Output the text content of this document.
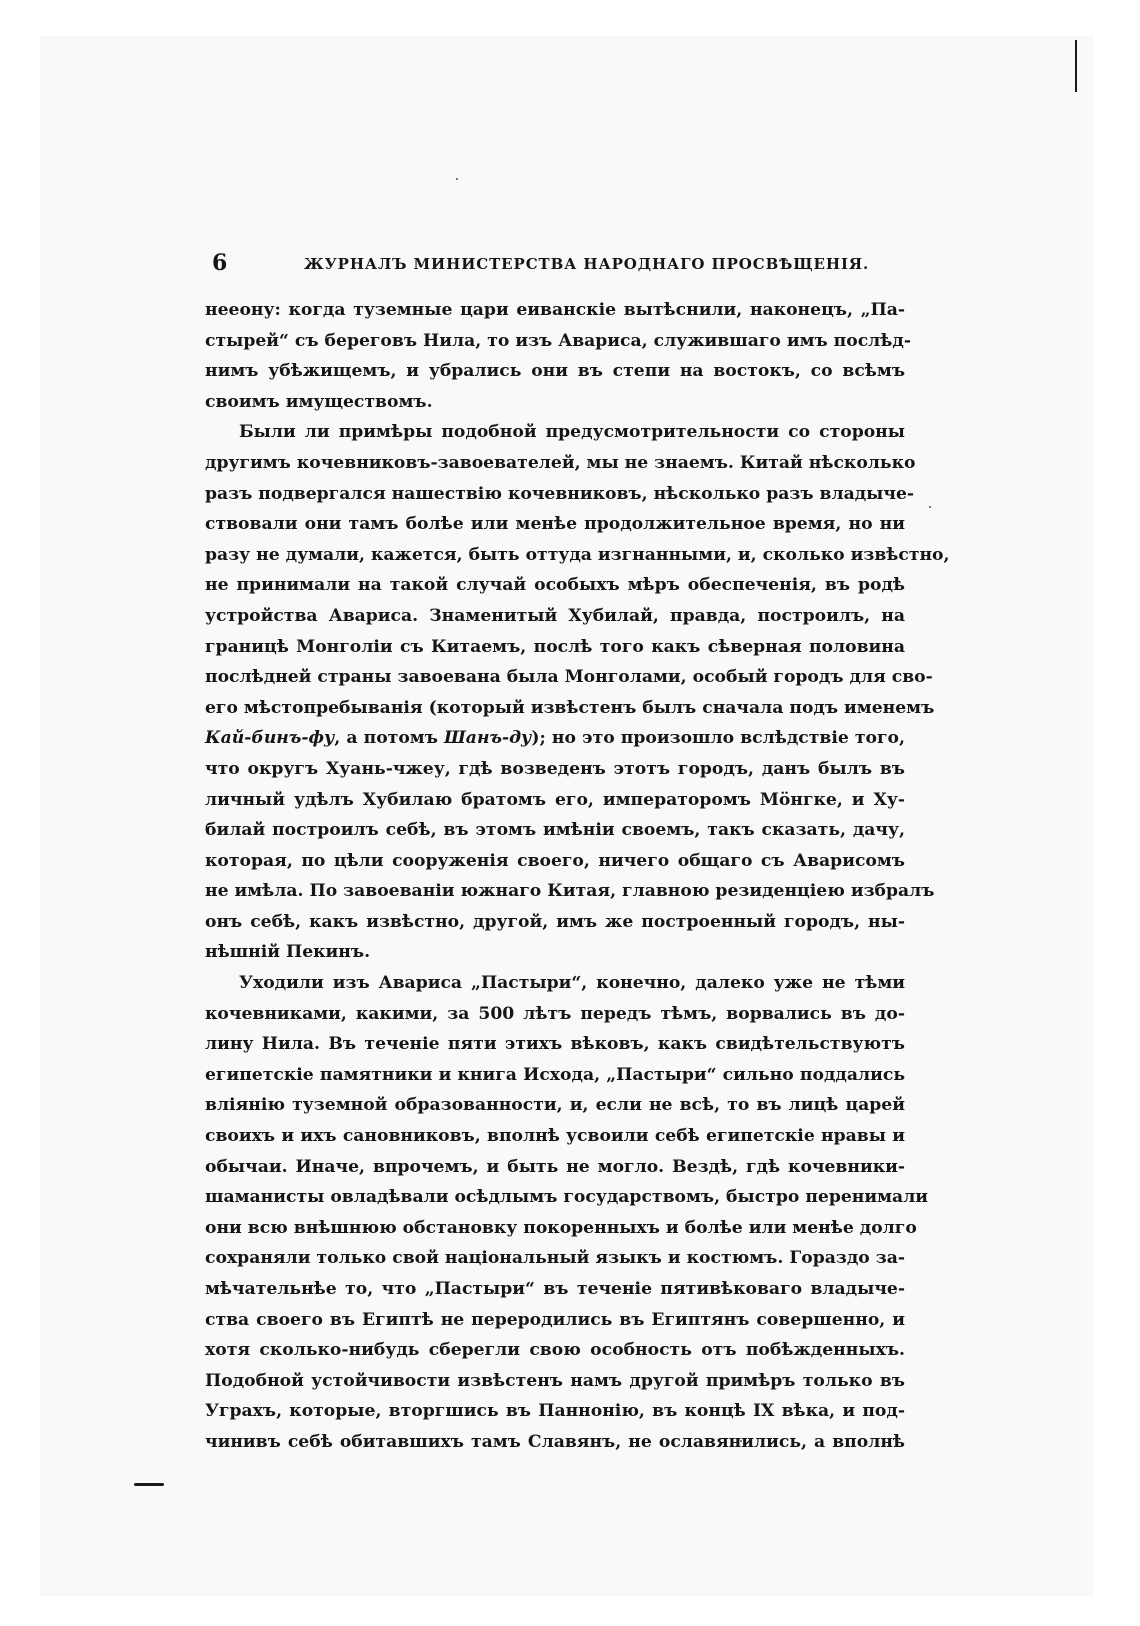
6	ЖУРНАЛЪ МИНИСТЕРСТВА НАРОДНАГО ПРОСВѢЩЕНІЯ.
нееону: когда туземные цари еиванскіе вытѣснили, наконецъ, „Па-
стырей“ съ береговъ Нила, то изъ Авариса, служившаго имъ послѣд-
нимъ убѣжищемъ, и убрались они въ степи на востокъ, со всѣмъ
своимъ имуществомъ.
Были ли примѣры подобной предусмотрительности со стороны
другимъ кочевниковъ-завоевателей, мы не знаемъ. Китай нѣсколько
разъ подвергался нашествію кочевниковъ, нѣсколько разъ владыче-
ствовали они тамъ болѣе или менѣе продолжительное время, но ни
разу не думали, кажется, быть оттуда изгнанными, и, сколько извѣстно,
не принимали на такой случай особыхъ мѣръ обеспеченія, въ родѣ
устройства Авариса. Знаменитый Хубилай, правда, построилъ, на
границѣ Монголіи съ Китаемъ, послѣ того какъ сѣверная половина
послѣдней страны завоевана была Монголами, особый городъ для сво-
его мѣстопребыванія (который извѣстенъ былъ сначала подъ именемъ
Кай-бинъ-фу, а потомъ Шанъ-ду); но это произошло вслѣдствіе того,
что округъ Хуань-чжеу, гдѣ возведенъ этотъ городъ, данъ былъ въ
личный удѣлъ Хубилаю братомъ его, императоромъ Мöнгке, и Ху-
билай построилъ себѣ, въ этомъ имѣніи своемъ, такъ сказать, дачу,
которая, по цѣли сооруженія своего, ничего общаго съ Аварисомъ
не имѣла. По завоеваніи южнаго Китая, главною резиденціею избралъ
онъ себѣ, какъ извѣстно, другой, имъ же построенный городъ, ны-
нѣшній Пекинъ.
Уходили изъ Авариса „Пастыри“, конечно, далеко уже не тѣми
кочевниками, какими, за 500 лѣтъ передъ тѣмъ, ворвались въ до-
лину Нила. Въ теченіе пяти этихъ вѣковъ, какъ свидѣтельствуютъ
египетскіе памятники и книга Исхода, „Пастыри“ сильно поддались
вліянію туземной образованности, и, если не всѣ, то въ лицѣ царей
своихъ и ихъ сановниковъ, вполнѣ усвоили себѣ египетскіе нравы и
обычаи. Иначе, впрочемъ, и быть не могло. Вездѣ, гдѣ кочевники-
шаманисты овладѣвали осѣдлымъ государствомъ, быстро перенимали
они всю внѣшнюю обстановку покоренныхъ и болѣе или менѣе долго
сохраняли только свой національный языкъ и костюмъ. Гораздо за-
мѣчательнѣе то, что „Пастыри“ въ теченіе пятивѣковаго владыче-
ства своего въ Египтѣ не переродились въ Египтянъ совершенно, и
хотя сколько-нибудь сберегли свою особность отъ побѣжденныхъ.
Подобной устойчивости извѣстенъ намъ другой примѣръ только въ
Уграхъ, которые, вторгшись въ Паннонію, въ концѣ IX вѣка, и под-
чинивъ себѣ обитавшихъ тамъ Славянъ, не ославянились, а вполнѣ
